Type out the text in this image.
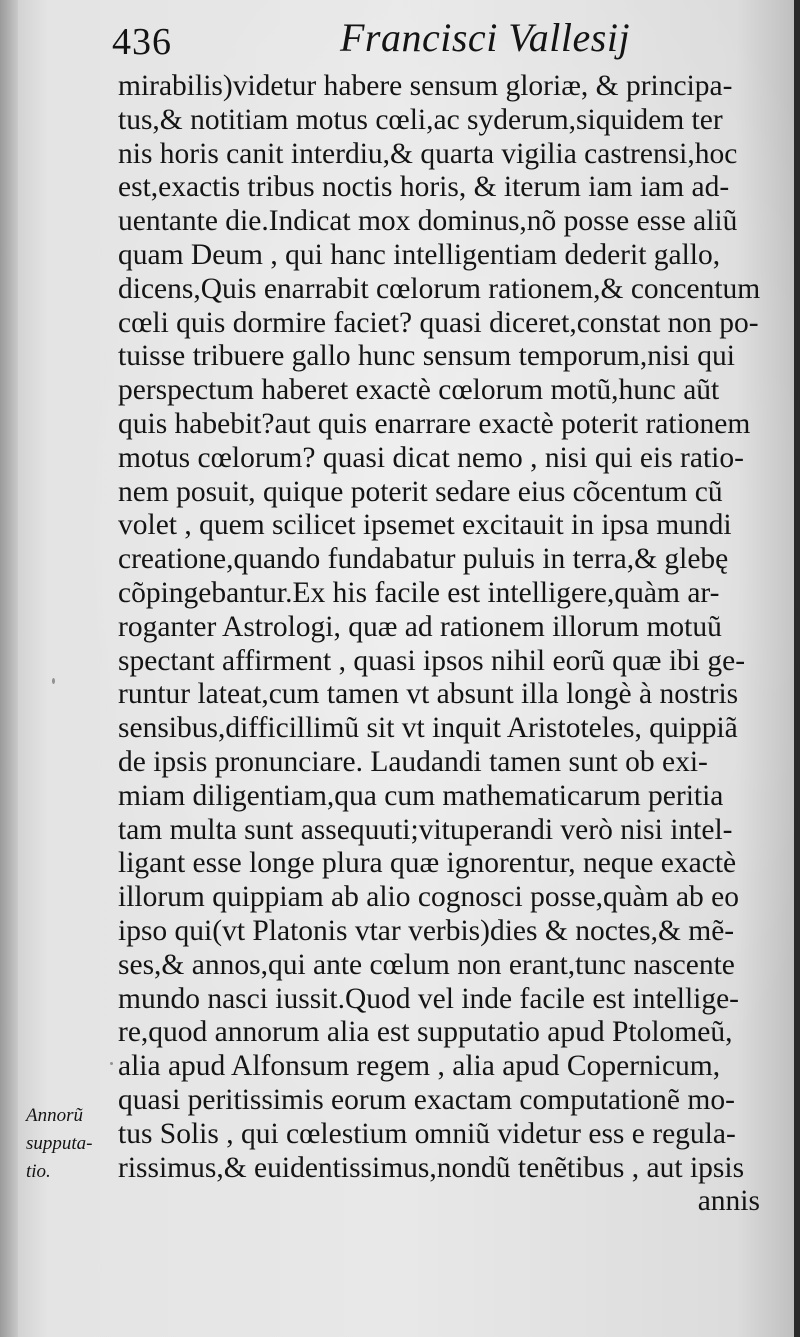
436	Francisci Vallesij
mirabilis)videtur habere sensum gloriæ, & principa-
tus,& notitiam motus cœli,ac syderum,siquidem ter
nis horis canit interdiu,& quarta vigilia castrensi,hoc
est,exactis tribus noctis horis, & iterum iam iam ad-
uentante die.Indicat mox dominus,nõ posse esse aliũ
quam Deum , qui hanc intelligentiam dederit gallo,
dicens,Quis enarrabit cœlorum rationem,& concentum
cœli quis dormire faciet? quasi diceret,constat non po-
tuisse tribuere gallo hunc sensum temporum,nisi qui
perspectum haberet exactè cœlorum motũ,hunc aũt
quis habebit?aut quis enarrare exactè poterit rationem
motus cœlorum? quasi dicat nemo , nisi qui eis ratio-
nem posuit, quique poterit sedare eius cõcentum cũ
volet , quem scilicet ipsemet excitauit in ipsa mundi
creatione,quando fundabatur puluis in terra,& glebę
cõpingebantur.Ex his facile est intelligere,quàm ar-
roganter Astrologi, quæ ad rationem illorum motuũ
spectant affirment , quasi ipsos nihil eorũ quæ ibi ge-
runtur lateat,cum tamen vt absunt illa longè à nostris
sensibus,difficillimũ sit vt inquit Aristoteles, quippiã
de ipsis pronunciare. Laudandi tamen sunt ob exi-
miam diligentiam,qua cum mathematicarum peritia
tam multa sunt assequuti;vituperandi verò nisi intel-
ligant esse longe plura quæ ignorentur, neque exactè
illorum quippiam ab alio cognosci posse,quàm ab eo
ipso qui(vt Platonis vtar verbis)dies & noctes,& mẽ-
ses,& annos,qui ante cœlum non erant,tunc nascente
mundo nasci iussit.Quod vel inde facile est intellige-
re,quod annorum alia est supputatio apud Ptolomeũ,
alia apud Alfonsum regem , alia apud Copernicum,
quasi peritissimis eorum exactam computationẽ mo-
tus Solis , qui cœlestium omniũ videtur ess e regula-
rissimus,& euidentissimus,nondũ tenẽtibus , aut ipsis
annis
Annorũ
supputa-
tio.
